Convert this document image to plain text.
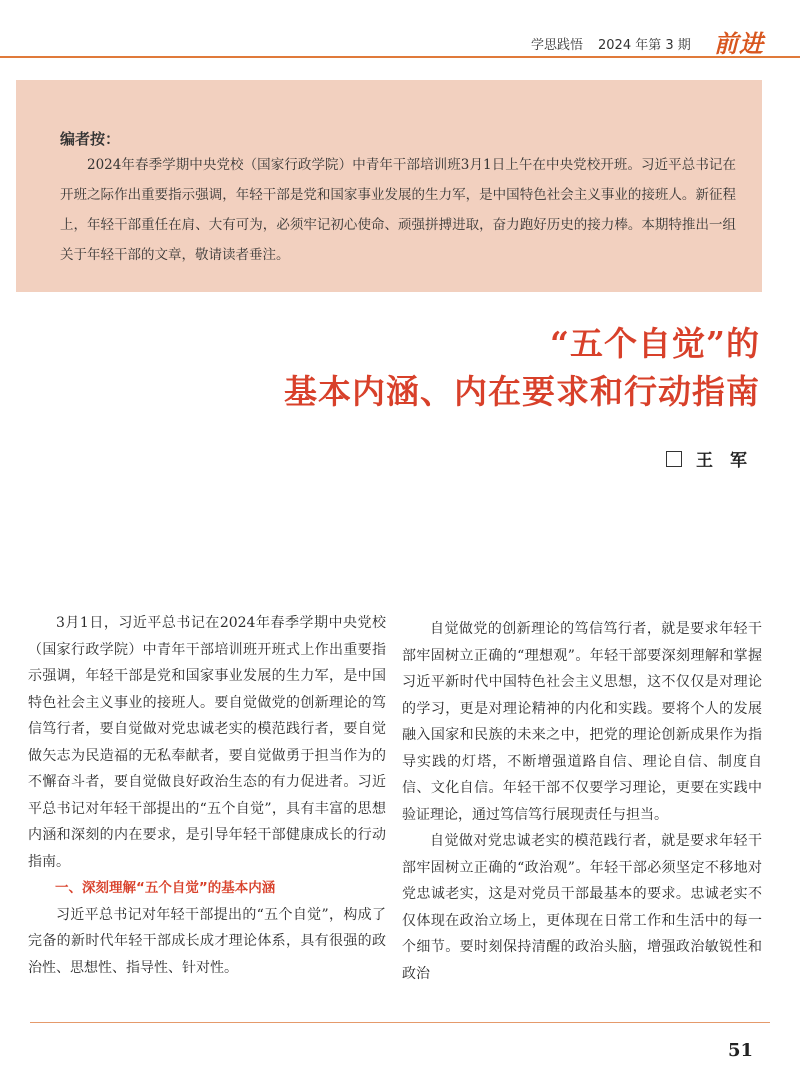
学思践悟 2024 年第 3 期 前进
编者按：

2024年春季学期中央党校（国家行政学院）中青年干部培训班3月1日上午在中央党校开班。习近平总书记在开班之际作出重要指示强调，年轻干部是党和国家事业发展的生力军，是中国特色社会主义事业的接班人。新征程上，年轻干部重任在肩、大有可为，必须牢记初心使命、顽强拼搏进取，奋力跑好历史的接力棒。本期特推出一组关于年轻干部的文章，敬请读者垂注。

“五个自觉”的
基本内涵、内在要求和行动指南
王　军

3月1日，习近平总书记在2024年春季学期中央党校（国家行政学院）中青年干部培训班开班式上作出重要指示强调，年轻干部是党和国家事业发展的生力军，是中国特色社会主义事业的接班人。要自觉做党的创新理论的笃信笃行者，要自觉做对党忠诚老实的模范践行者，要自觉做矢志为民造福的无私奉献者，要自觉做勇于担当作为的不懈奋斗者，要自觉做良好政治生态的有力促进者。习近平总书记对年轻干部提出的“五个自觉”，具有丰富的思想内涵和深刻的内在要求，是引导年轻干部健康成长的行动指南。

一、深刻理解“五个自觉”的基本内涵

习近平总书记对年轻干部提出的“五个自觉”，构成了完备的新时代年轻干部成长成才理论体系，具有很强的政治性、思想性、指导性、针对性。

自觉做党的创新理论的笃信笃行者，就是要求年轻干部牢固树立正确的“理想观”。年轻干部要深刻理解和掌握习近平新时代中国特色社会主义思想，这不仅仅是对理论的学习，更是对理论精神的内化和实践。要将个人的发展融入国家和民族的未来之中，把党的理论创新成果作为指导实践的灯塔，不断增强道路自信、理论自信、制度自信、文化自信。年轻干部不仅要学习理论，更要在实践中验证理论，通过笃信笃行展现责任与担当。

自觉做对党忠诚老实的模范践行者，就是要求年轻干部牢固树立正确的“政治观”。年轻干部必须坚定不移地对党忠诚老实，这是对党员干部最基本的要求。忠诚老实不仅体现在政治立场上，更体现在日常工作和生活中的每一个细节。要时刻保持清醒的政治头脑，增强政治敏锐性和政治

51
